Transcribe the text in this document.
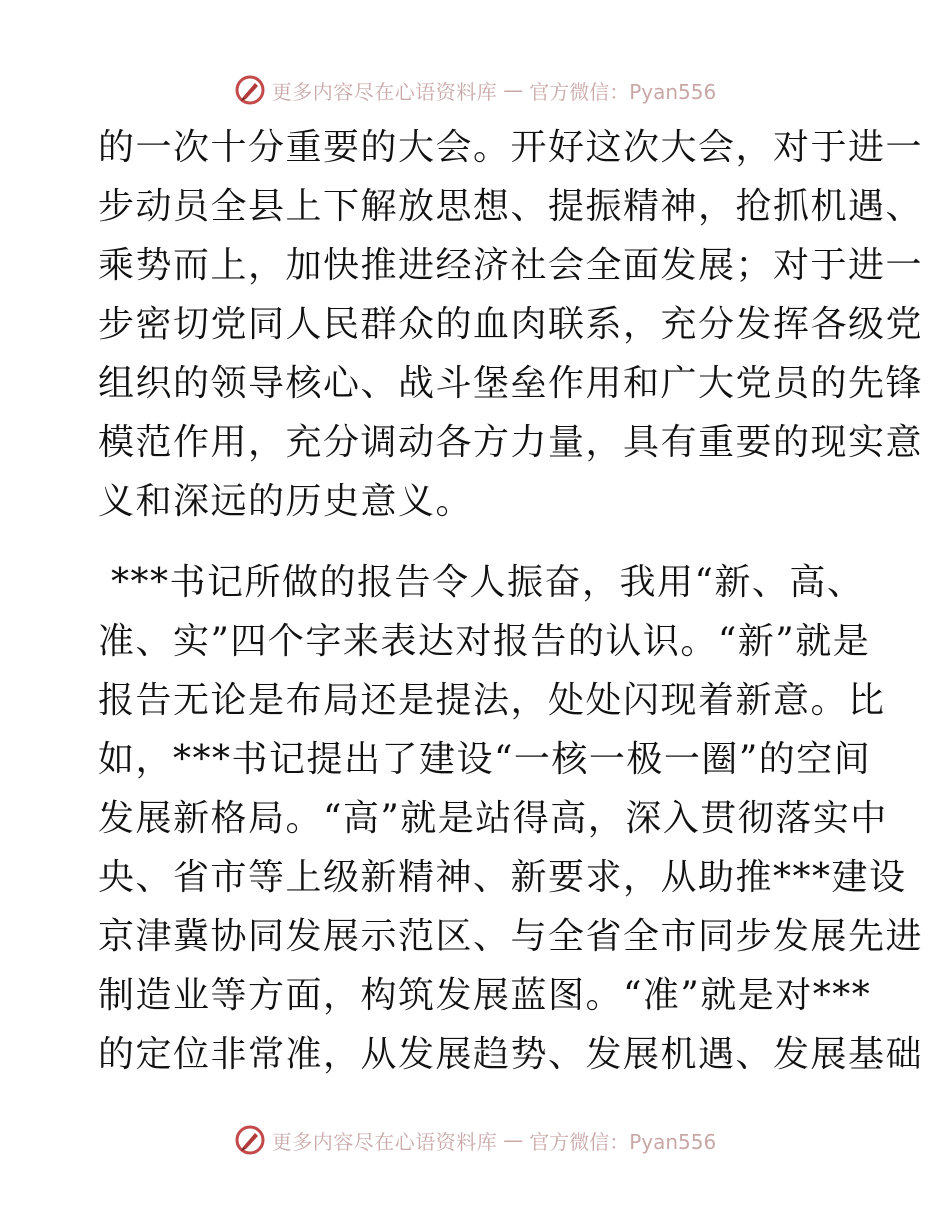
更多内容尽在心语资料库 — 官方微信：Pyan556
的一次十分重要的大会。开好这次大会，对于进一
步动员全县上下解放思想、提振精神，抢抓机遇、
乘势而上，加快推进经济社会全面发展；对于进一
步密切党同人民群众的血肉联系，充分发挥各级党
组织的领导核心、战斗堡垒作用和广大党员的先锋
模范作用，充分调动各方力量，具有重要的现实意
义和深远的历史意义。
***书记所做的报告令人振奋，我用“新、高、
准、实”四个字来表达对报告的认识。“新”就是
报告无论是布局还是提法，处处闪现着新意。比
如，***书记提出了建设“一核一极一圈”的空间
发展新格局。“高”就是站得高，深入贯彻落实中
央、省市等上级新精神、新要求，从助推***建设
京津冀协同发展示范区、与全省全市同步发展先进
制造业等方面，构筑发展蓝图。“准”就是对***
的定位非常准，从发展趋势、发展机遇、发展基础
更多内容尽在心语资料库 — 官方微信：Pyan556
